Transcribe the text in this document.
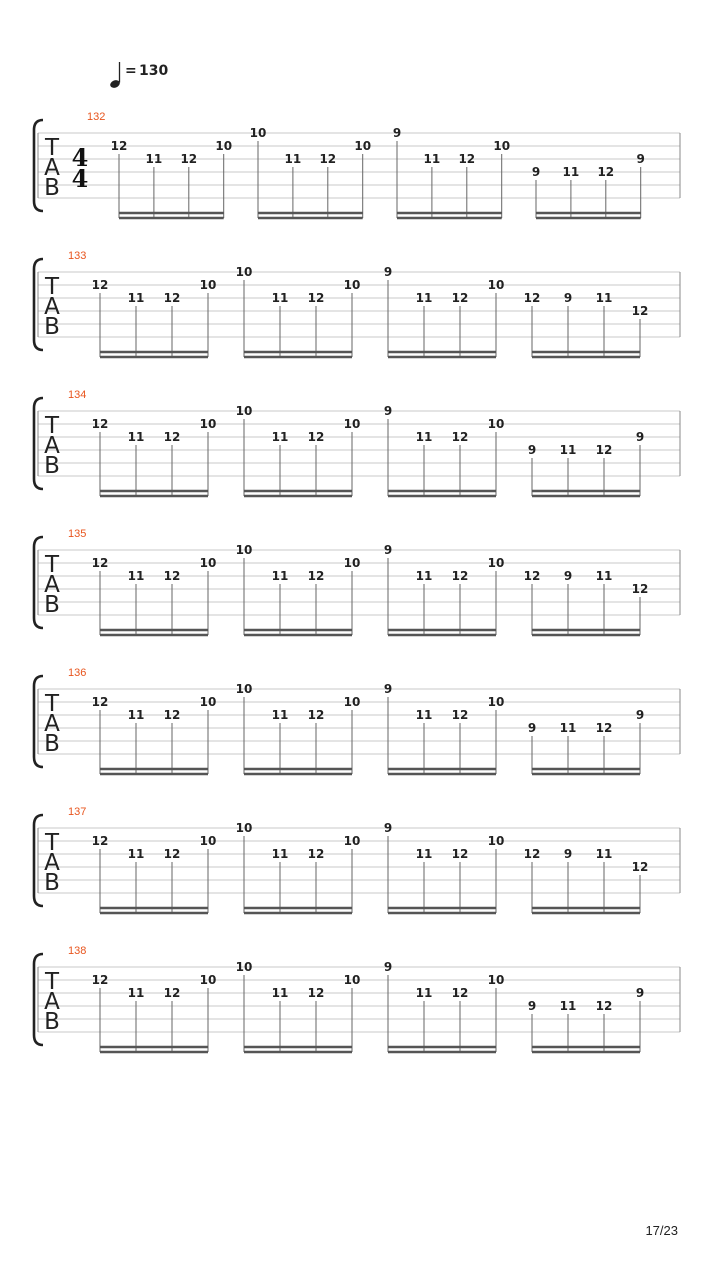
= 130
T
A
B
132
4
4
12
11 12
10
10
11 12
10
9
11 12
10
9 11 12
9
T
A
B
133
12
11 12
10
10
11 12
10
9
11 12
10
12 9 11
12
T
A
B
134
12
11 12
10
10
11 12
10
9
11 12
10
9 11 12
9
T
A
B
135
12
11 12
10
10
11 12
10
9
11 12
10
12 9 11
12
T
A
B
136
12
11 12
10
10
11 12
10
9
11 12
10
9 11 12
9
T
A
B
137
12
11 12
10
10
11 12
10
9
11 12
10
12 9 11
12
T
A
B
138
12
11 12
10
10
11 12
10
9
11 12
10
9 11 12
9
17/23
